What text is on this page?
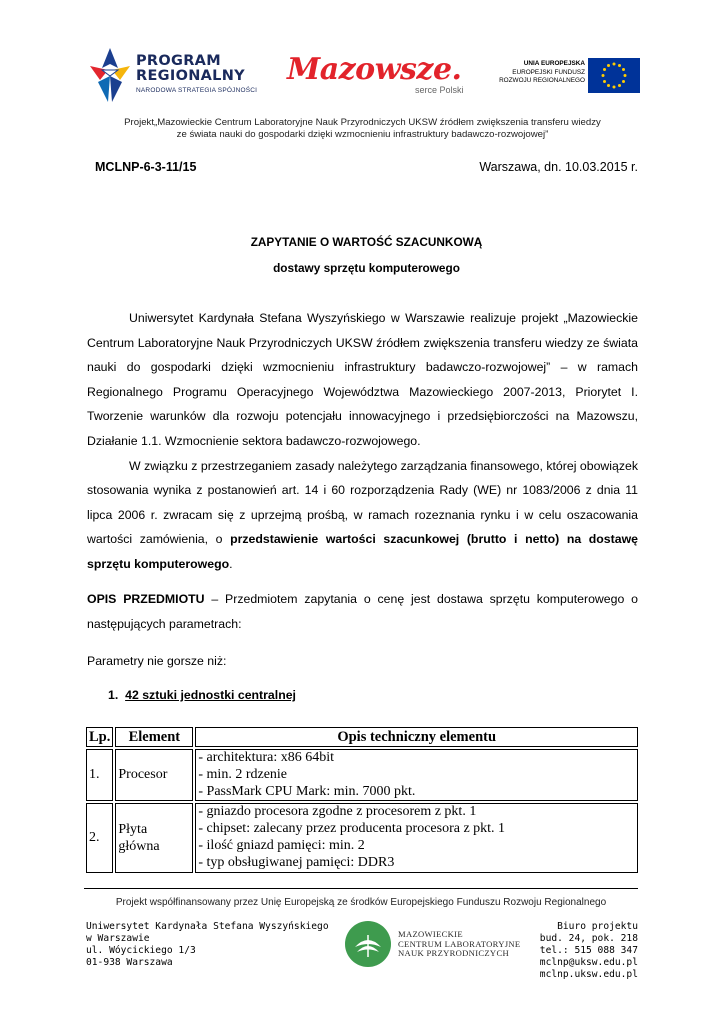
PROGRAM
REGIONALNY
NARODOWA STRATEGIA SPÓJNOŚCI
Mazowsze.
serce Polski
UNIA EUROPEJSKA
EUROPEJSKI FUNDUSZ
ROZWOJU REGIONALNEGO
Projekt„Mazowieckie Centrum Laboratoryjne Nauk Przyrodniczych UKSW źródłem zwiększenia transferu wiedzy
ze świata nauki do gospodarki dzięki wzmocnieniu infrastruktury badawczo-rozwojowej”
MCLNP-6-3-11/15	Warszawa, dn. 10.03.2015 r.
ZAPYTANIE O WARTOŚĆ SZACUNKOWĄ
dostawy sprzętu komputerowego

Uniwersytet Kardynała Stefana Wyszyńskiego w Warszawie realizuje projekt „Mazowieckie Centrum Laboratoryjne Nauk Przyrodniczych UKSW źródłem zwiększenia transferu wiedzy ze świata nauki do gospodarki dzięki wzmocnieniu infrastruktury badawczo-rozwojowej” – w ramach Regionalnego Programu Operacyjnego Województwa Mazowieckiego 2007-2013, Priorytet I. Tworzenie warunków dla rozwoju potencjału innowacyjnego i przedsiębiorczości na Mazowszu, Działanie 1.1. Wzmocnienie sektora badawczo-rozwojowego.

W związku z przestrzeganiem zasady należytego zarządzania finansowego, której obowiązek stosowania wynika z postanowień art. 14 i 60 rozporządzenia Rady (WE) nr 1083/2006 z dnia 11 lipca 2006 r. zwracam się z uprzejmą prośbą, w ramach rozeznania rynku i w celu oszacowania wartości zamówienia, o przedstawienie wartości szacunkowej (brutto i netto) na dostawę sprzętu komputerowego.

OPIS PRZEDMIOTU – Przedmiotem zapytania o cenę jest dostawa sprzętu komputerowego o następujących parametrach:

Parametry nie gorsze niż:
1. 42 sztuki jednostki centralnej
Lp.	Element	Opis techniczny elementu
1.	Procesor	- architektura: x86 64bit
- min. 2 rdzenie
- PassMark CPU Mark: min. 7000 pkt.

2.	Płyta główna	- gniazdo procesora zgodne z procesorem z pkt. 1
- chipset: zalecany przez producenta procesora z pkt. 1
- ilość gniazd pamięci: min. 2
- typ obsługiwanej pamięci: DDR3
Projekt współfinansowany przez Unię Europejską ze środków Europejskiego Funduszu Rozwoju Regionalnego
Uniwersytet Kardynała Stefana Wyszyńskiego
w Warszawie
ul. Wóycickiego 1/3
01-938 Warszawa
MAZOWIECKIE
CENTRUM LABORATORYJNE
NAUK PRZYRODNICZYCH
Biuro projektu
bud. 24, pok. 218
tel.: 515 088 347
mclnp@uksw.edu.pl
mclnp.uksw.edu.pl
